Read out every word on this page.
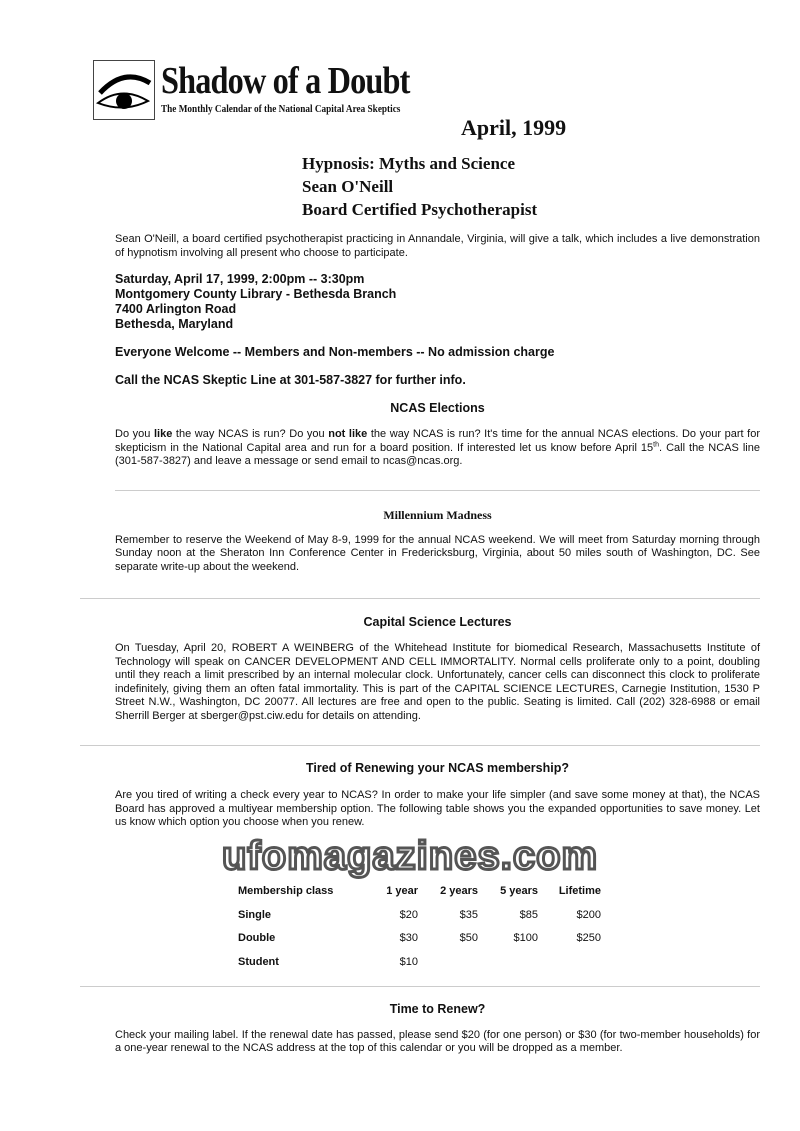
Shadow of a Doubt
The Monthly Calendar of the National Capital Area Skeptics
April, 1999
Hypnosis: Myths and Science
Sean O'Neill
Board Certified Psychotherapist
Sean O'Neill, a board certified psychotherapist practicing in Annandale, Virginia, will give a talk, which includes a live demonstration of hypnotism involving all present who choose to participate.
Saturday, April 17, 1999, 2:00pm -- 3:30pm
Montgomery County Library - Bethesda Branch
7400 Arlington Road
Bethesda, Maryland
Everyone Welcome -- Members and Non-members -- No admission charge
Call the NCAS Skeptic Line at 301-587-3827 for further info.
NCAS Elections
Do you like the way NCAS is run? Do you not like the way NCAS is run? It's time for the annual NCAS elections. Do your part for skepticism in the National Capital area and run for a board position. If interested let us know before April 15th. Call the NCAS line (301-587-3827) and leave a message or send email to ncas@ncas.org.
Millennium Madness
Remember to reserve the Weekend of May 8-9, 1999 for the annual NCAS weekend. We will meet from Saturday morning through Sunday noon at the Sheraton Inn Conference Center in Fredericksburg, Virginia, about 50 miles south of Washington, DC. See separate write-up about the weekend.
Capital Science Lectures
On Tuesday, April 20, ROBERT A WEINBERG of the Whitehead Institute for biomedical Research, Massachusetts Institute of Technology will speak on CANCER DEVELOPMENT AND CELL IMMORTALITY. Normal cells proliferate only to a point, doubling until they reach a limit prescribed by an internal molecular clock. Unfortunately, cancer cells can disconnect this clock to proliferate indefinitely, giving them an often fatal immortality. This is part of the CAPITAL SCIENCE LECTURES, Carnegie Institution, 1530 P Street N.W., Washington, DC 20077. All lectures are free and open to the public. Seating is limited. Call (202) 328-6988 or email Sherrill Berger at sberger@pst.ciw.edu for details on attending.
Tired of Renewing your NCAS membership?
Are you tired of writing a check every year to NCAS? In order to make your life simpler (and save some money at that), the NCAS Board has approved a multiyear membership option. The following table shows you the expanded opportunities to save money. Let us know which option you choose when you renew.
ufomagazines.com
Membership class	1 year	2 years	5 years	Lifetime
Single	$20	$35	$85	$200
Double	$30	$50	$100	$250
Student	$10			
Time to Renew?
Check your mailing label. If the renewal date has passed, please send $20 (for one person) or $30 (for two-member households) for a one-year renewal to the NCAS address at the top of this calendar or you will be dropped as a member.
